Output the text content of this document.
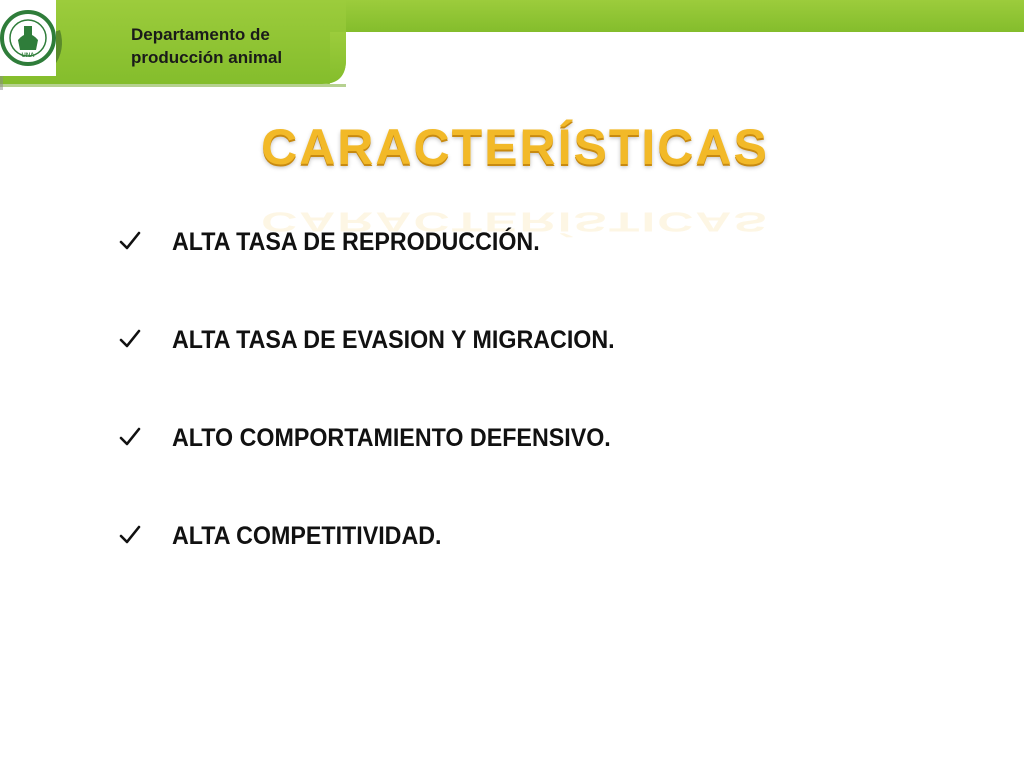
Departamento de
producción animal
UNA
CARACTERÍSTICAS
CARACTERÍSTICAS
ALTA TASA DE REPRODUCCIÓN.
ALTA TASA DE EVASION Y MIGRACION.
ALTO COMPORTAMIENTO DEFENSIVO.
ALTA COMPETITIVIDAD.
